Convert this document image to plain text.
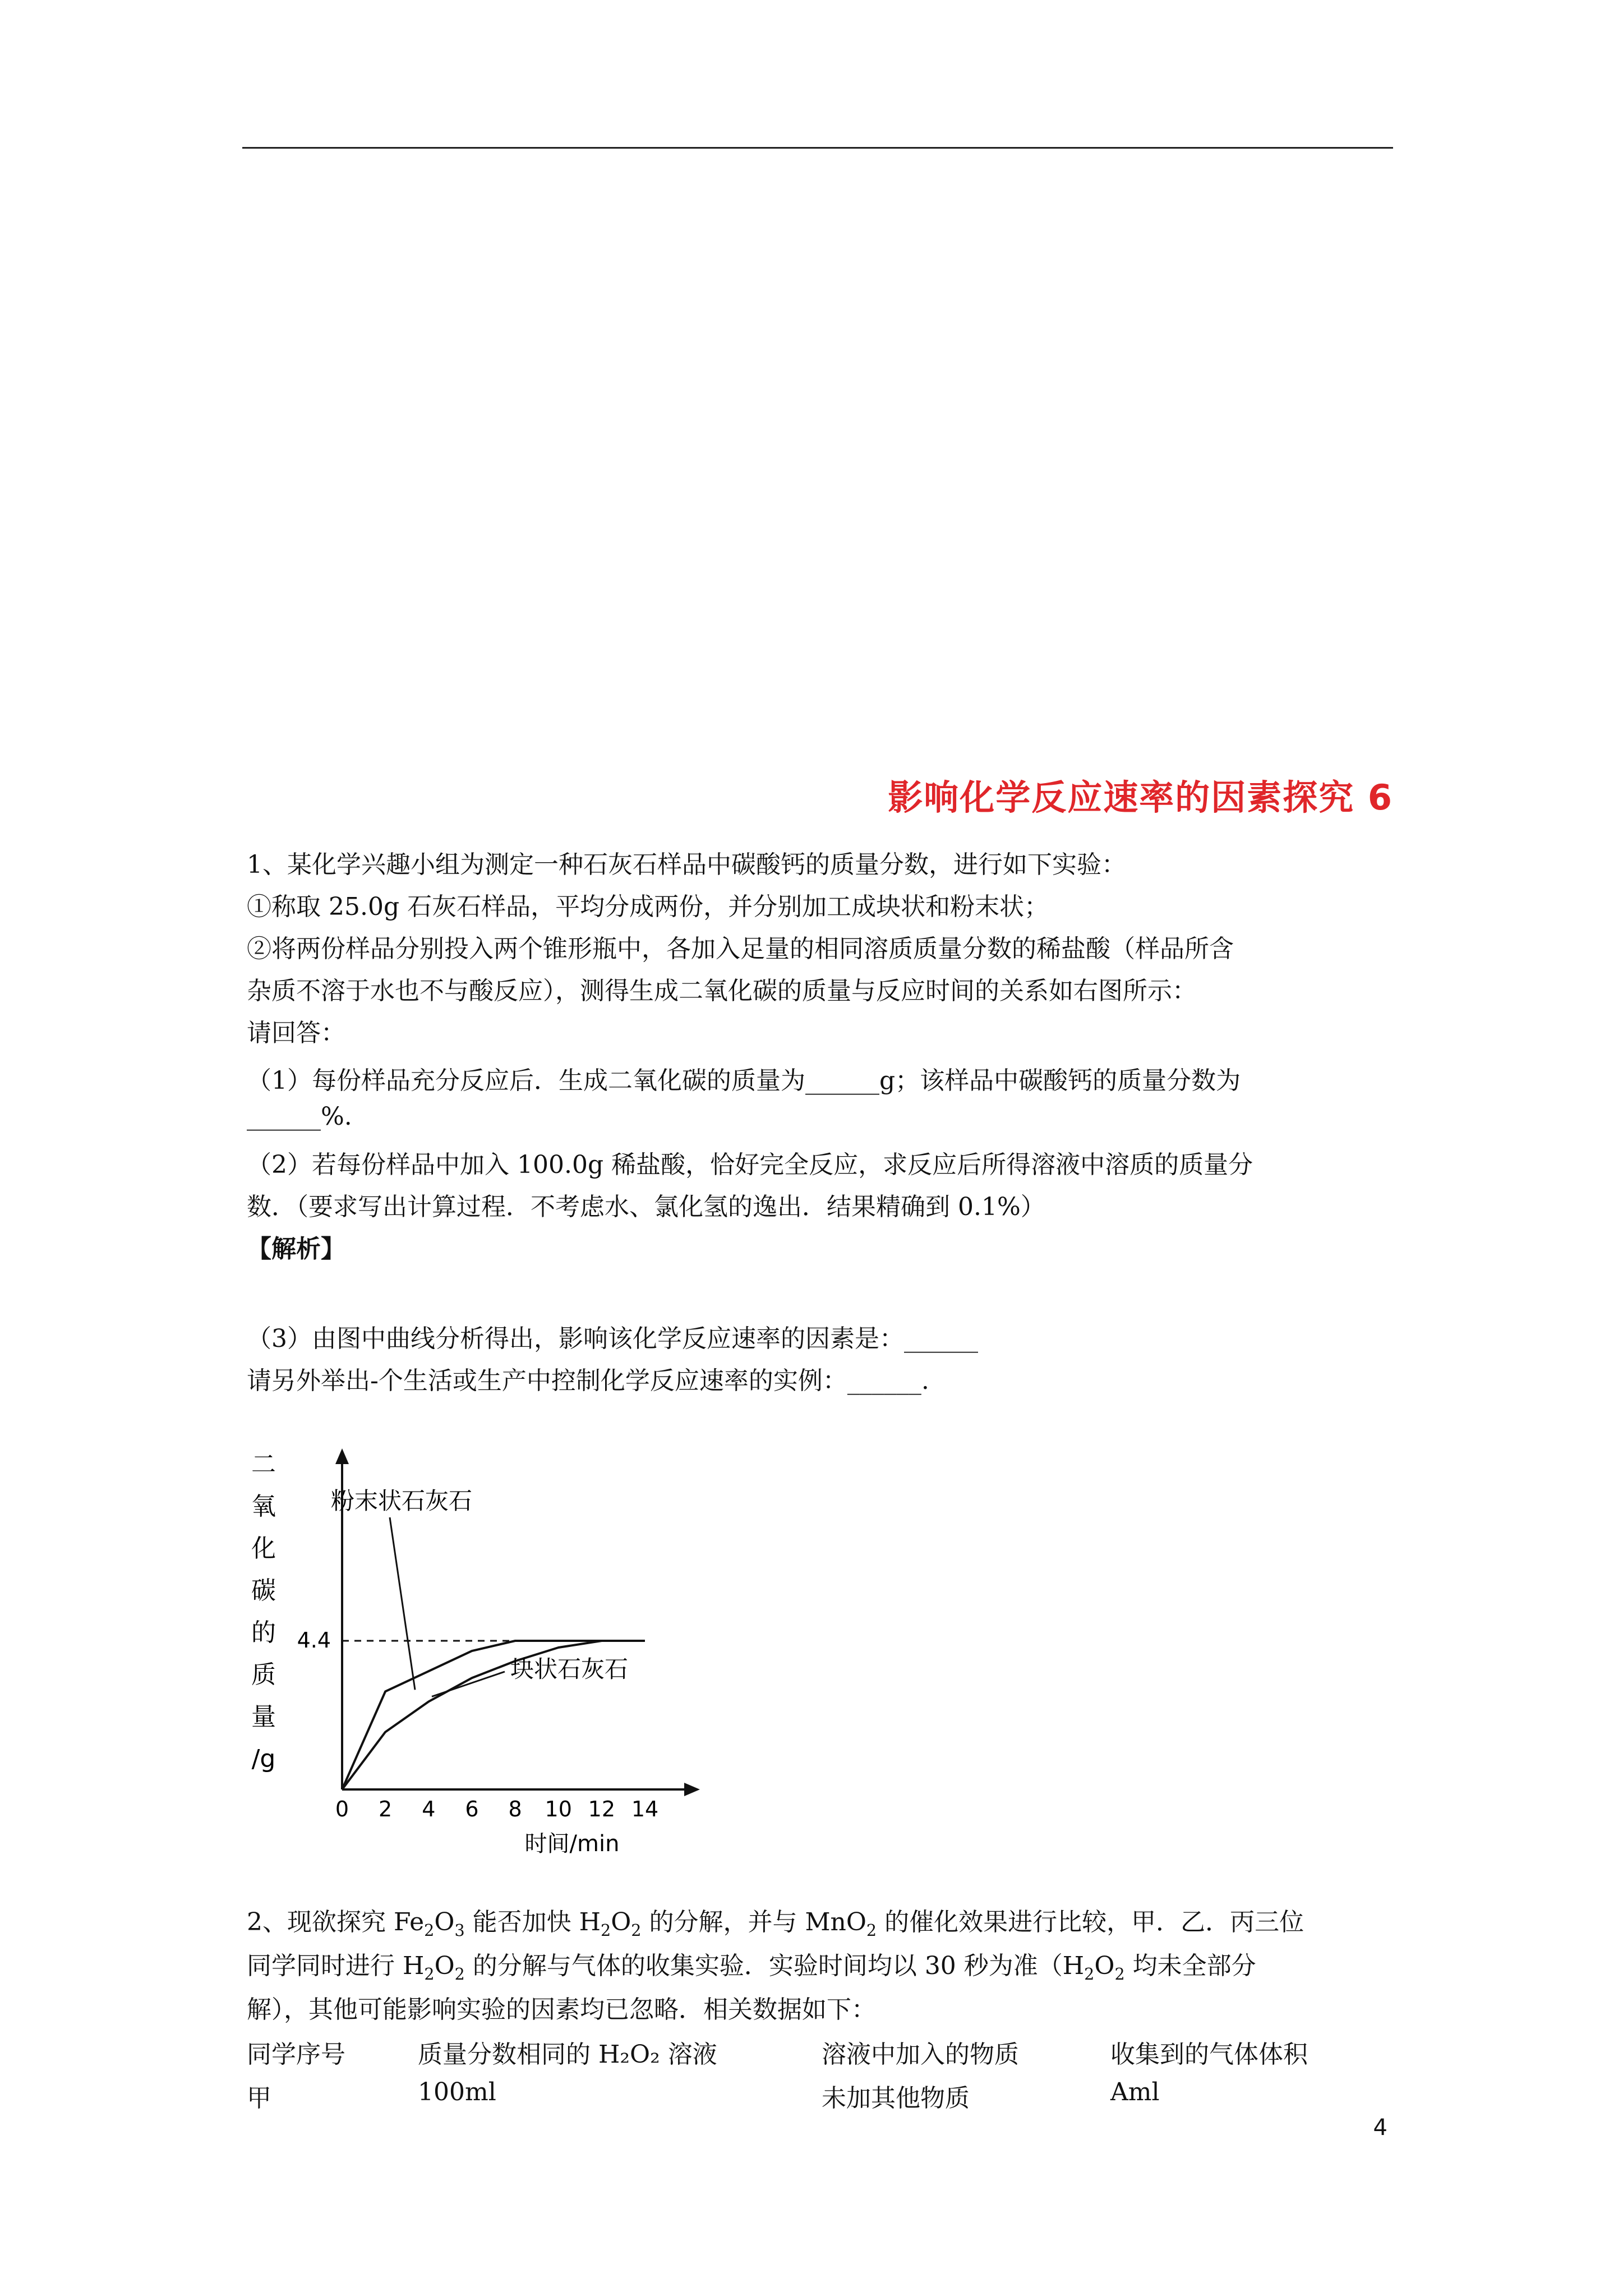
影响化学反应速率的因素探究 6
1、某化学兴趣小组为测定一种石灰石样品中碳酸钙的质量分数，进行如下实验：
①称取 25.0g 石灰石样品，平均分成两份，并分别加工成块状和粉末状；
②将两份样品分别投入两个锥形瓶中，各加入足量的相同溶质质量分数的稀盐酸（样品所含
杂质不溶于水也不与酸反应），测得生成二氧化碳的质量与反应时间的关系如右图所示：
请回答：
（1）每份样品充分反应后．生成二氧化碳的质量为______g；该样品中碳酸钙的质量分数为
______%.
（2）若每份样品中加入 100.0g 稀盐酸，恰好完全反应，求反应后所得溶液中溶质的质量分
数．（要求写出计算过程．不考虑水、氯化氢的逸出．结果精确到 0.1%）
【解析】
（3）由图中曲线分析得出，影响该化学反应速率的因素是：______
请另外举出-个生活或生产中控制化学反应速率的实例：______.
二
氧
化
碳
的
质
量
/g
4.4
0 2 4 6 8 10 12 14
时间/min
粉末状石灰石
块状石灰石
2、现欲探究 $Fe_2O_3$ 能否加快 $H_2O_2$ 的分解，并与 MnO$_2$ 的催化效果进行比较，甲．乙．丙三位
同学同时进行 $H_2O_2$ 的分解与气体的收集实验．实验时间均以 30 秒为准（$H_2O_2$ 均未全部分
解），其他可能影响实验的因素均已忽略．相关数据如下：
同学序号	质量分数相同的 H₂O₂ 溶液	溶液中加入的物质	收集到的气体体积
甲	100ml	未加其他物质	Aml
4
